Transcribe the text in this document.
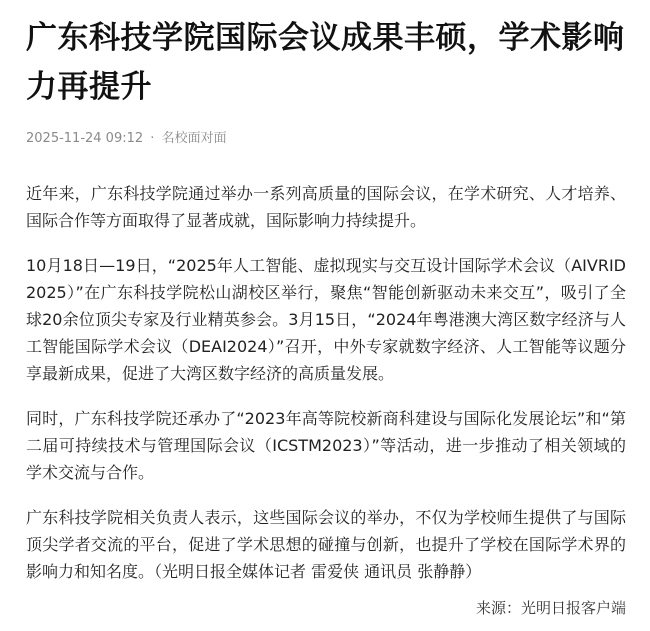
广东科技学院国际会议成果丰硕，学术影响力再提升
2025-11-24 09:12 · 名校面对面

近年来，广东科技学院通过举办一系列高质量的国际会议，在学术研究、人才培养、国际合作等方面取得了显著成就，国际影响力持续提升。

10月18日—19日，“2025年人工智能、虚拟现实与交互设计国际学术会议（AIVRID 2025）”在广东科技学院松山湖校区举行，聚焦“智能创新驱动未来交互”，吸引了全球20余位顶尖专家及行业精英参会。3月15日，“2024年粤港澳大湾区数字经济与人工智能国际学术会议（DEAI2024）”召开，中外专家就数字经济、人工智能等议题分享最新成果，促进了大湾区数字经济的高质量发展。

同时，广东科技学院还承办了“2023年高等院校新商科建设与国际化发展论坛”和“第二届可持续技术与管理国际会议（ICSTM2023）”等活动，进一步推动了相关领域的学术交流与合作。

广东科技学院相关负责人表示，这些国际会议的举办，不仅为学校师生提供了与国际顶尖学者交流的平台，促进了学术思想的碰撞与创新，也提升了学校在国际学术界的影响力和知名度。（光明日报全媒体记者 雷爱侠 通讯员 张静静）

来源：光明日报客户端
